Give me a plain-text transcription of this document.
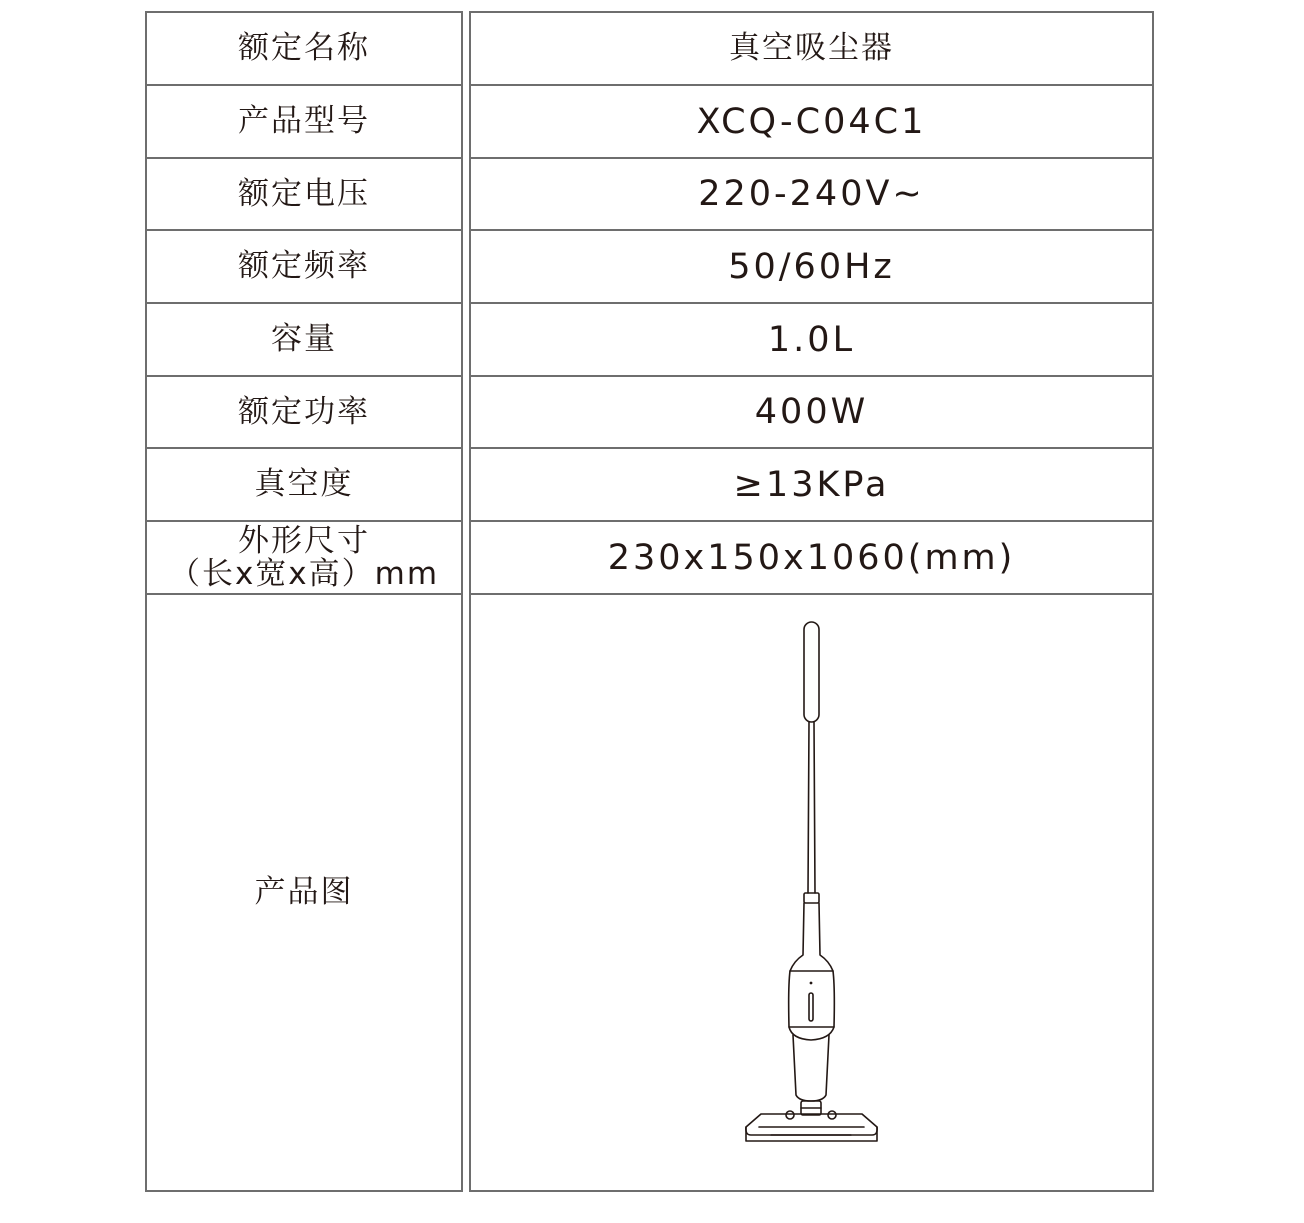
额定名称
产品型号
额定电压
额定频率
容量
额定功率
真空度
外形尺寸
（长x宽x高）mm
产品图
真空吸尘器
XCQ-C04C1
220-240V~
50/60Hz
1.0L
400W
≥13KPa
230x150x1060(mm)
